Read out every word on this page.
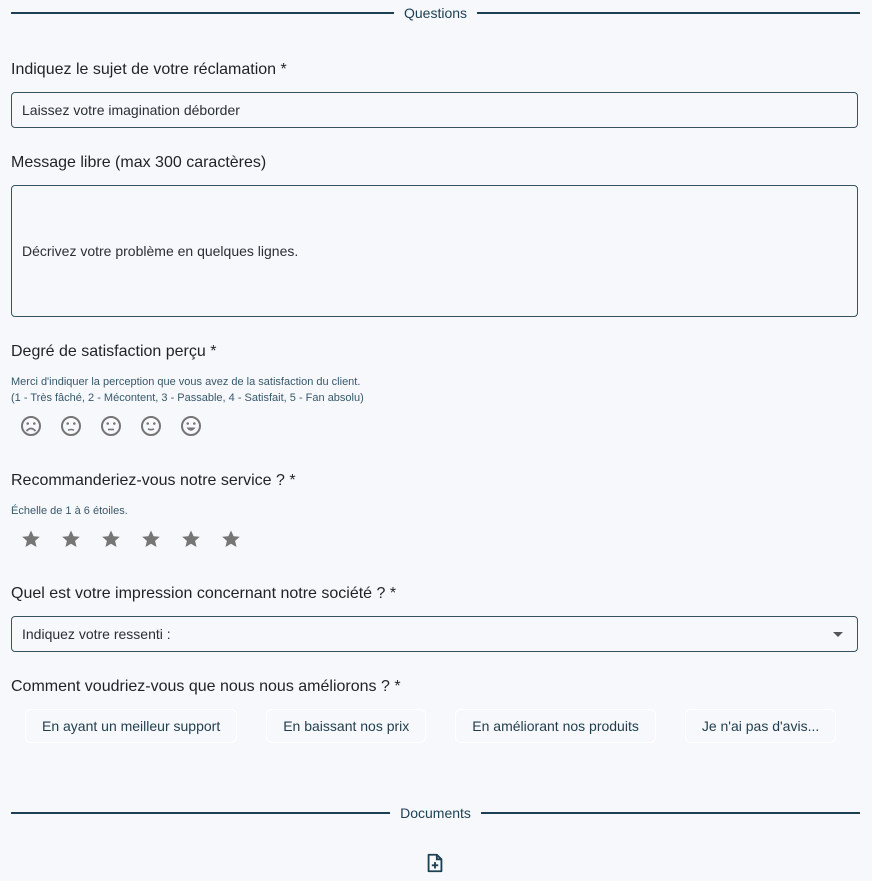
Questions
Indiquez le sujet de votre réclamation *
Laissez votre imagination déborder
Message libre (max 300 caractères)
Décrivez votre problème en quelques lignes.
Degré de satisfaction perçu *
Merci d'indiquer la perception que vous avez de la satisfaction du client.
(1 - Très fâché, 2 - Mécontent, 3 - Passable, 4 - Satisfait, 5 - Fan absolu)
Recommanderiez-vous notre service ? *
Échelle de 1 à 6 étoiles.
Quel est votre impression concernant notre société ? *
Indiquez votre ressenti :
Comment voudriez-vous que nous nous améliorons ? *
En ayant un meilleur support	En baissant nos prix	En améliorant nos produits	Je n'ai pas d'avis...
Documents
